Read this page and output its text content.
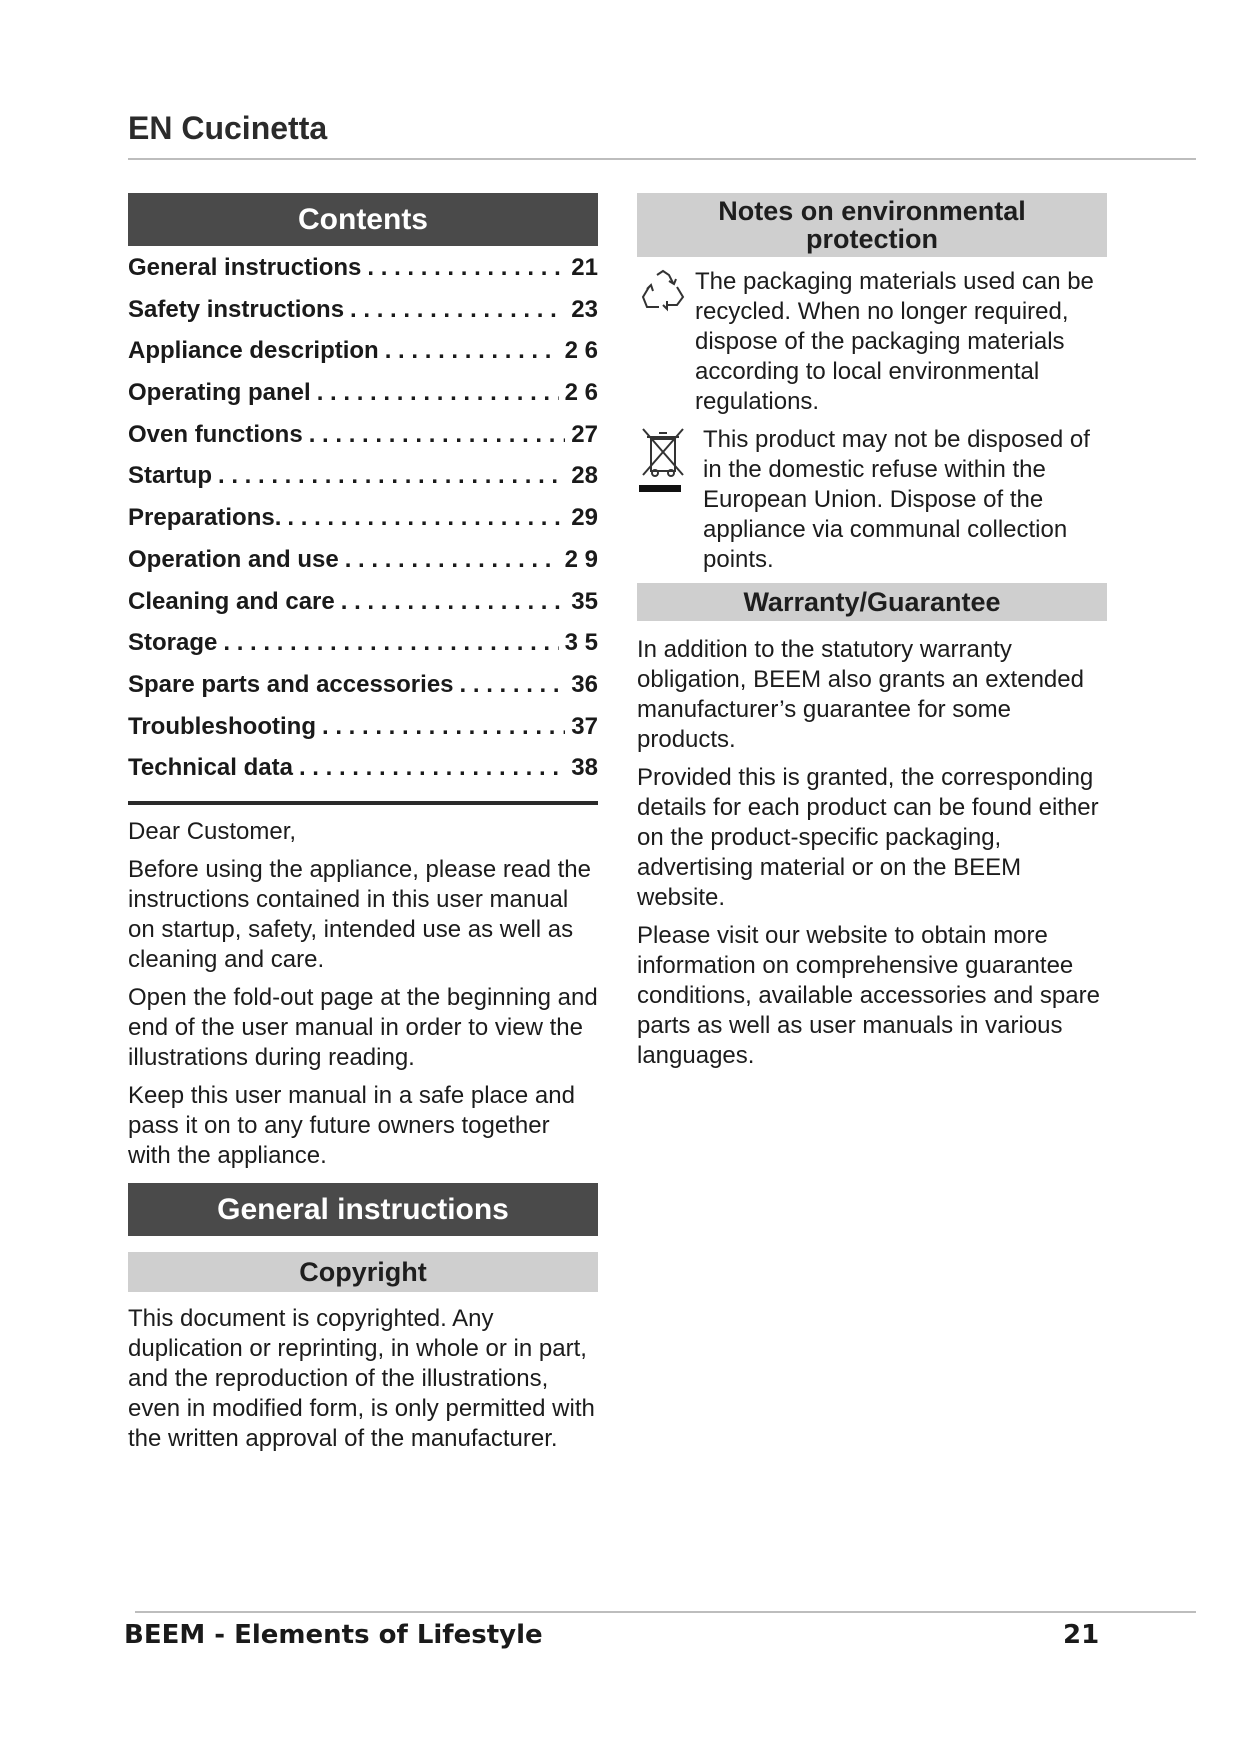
EN Cucinetta
Contents
General instructions . . .	21
Safety instructions . . .	23
Appliance description . . .	2 6
Operating panel . . .	2 6
Oven functions . . .	27
Startup . . .	28
Preparations. . . .	29
Operation and use . . .	2 9
Cleaning and care . . .	35
Storage . . .	3 5
Spare parts and accessories . . .	36
Troubleshooting . . .	37
Technical data . . .	38

Dear Customer,

Before using the appliance, please read the instructions contained in this user manual on startup, safety, intended use as well as cleaning and care.

Open the fold-out page at the beginning and end of the user manual in order to view the illustrations during reading.

Keep this user manual in a safe place and pass it on to any future owners together with the appliance.

General instructions
Copyright

This document is copyrighted. Any duplication or reprinting, in whole or in part, and the reproduction of the illustrations, even in modified form, is only permitted with the written approval of the manufacturer.

Notes on environmental protection

The packaging materials used can be recycled. When no longer required, dispose of the packaging materials according to local environmental regulations.

This product may not be disposed of in the domestic refuse within the European Union. Dispose of the appliance via communal collection points.

Warranty/Guarantee

In addition to the statutory warranty obligation, BEEM also grants an extended manufacturer’s guarantee for some products.

Provided this is granted, the corresponding details for each product can be found either on the product-specific packaging, advertising material or on the BEEM website.

Please visit our website to obtain more information on comprehensive guarantee conditions, available accessories and spare parts as well as user manuals in various languages.

BEEM - Elements of Lifestyle	21
